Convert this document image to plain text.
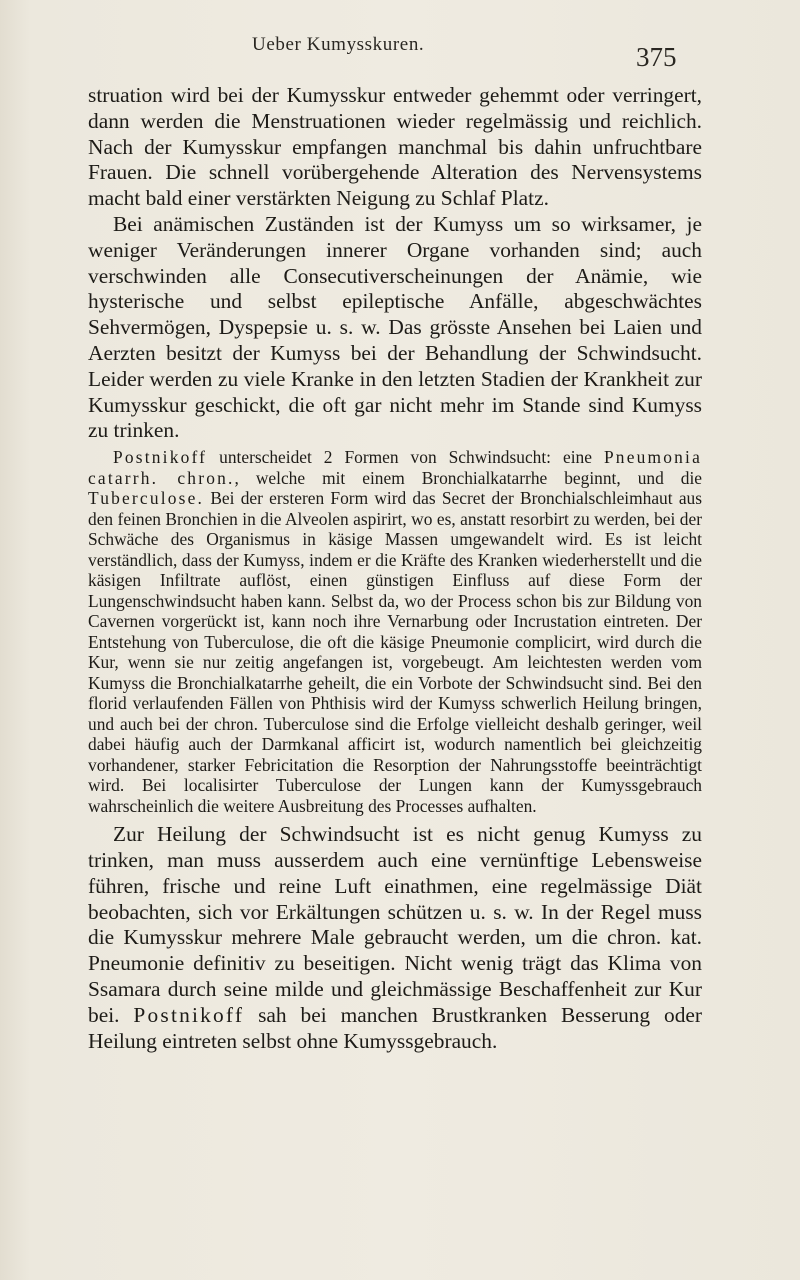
Ueber Kumysskuren.	375

struation wird bei der Kumysskur entweder gehemmt oder verringert, dann werden die Menstruationen wieder regelmässig und reichlich. Nach der Kumysskur empfangen manchmal bis dahin unfruchtbare Frauen. Die schnell vorübergehende Alteration des Nervensystems macht bald einer verstärkten Neigung zu Schlaf Platz.

Bei anämischen Zuständen ist der Kumyss um so wirksamer, je weniger Veränderungen innerer Organe vorhanden sind; auch verschwinden alle Consecutiverscheinungen der Anämie, wie hysterische und selbst epileptische Anfälle, abgeschwächtes Sehvermögen, Dyspepsie u. s. w. Das grösste Ansehen bei Laien und Aerzten besitzt der Kumyss bei der Behandlung der Schwindsucht. Leider werden zu viele Kranke in den letzten Stadien der Krankheit zur Kumysskur geschickt, die oft gar nicht mehr im Stande sind Kumyss zu trinken.

Postnikoff unterscheidet 2 Formen von Schwindsucht: eine Pneumonia catarrh. chron., welche mit einem Bronchialkatarrhe beginnt, und die Tuberculose. Bei der ersteren Form wird das Secret der Bronchialschleimhaut aus den feinen Bronchien in die Alveolen aspirirt, wo es, anstatt resorbirt zu werden, bei der Schwäche des Organismus in käsige Massen umgewandelt wird. Es ist leicht verständlich, dass der Kumyss, indem er die Kräfte des Kranken wiederherstellt und die käsigen Infiltrate auflöst, einen günstigen Einfluss auf diese Form der Lungenschwindsucht haben kann. Selbst da, wo der Process schon bis zur Bildung von Cavernen vorgerückt ist, kann noch ihre Vernarbung oder Incrustation eintreten. Der Entstehung von Tuberculose, die oft die käsige Pneumonie complicirt, wird durch die Kur, wenn sie nur zeitig angefangen ist, vorgebeugt. Am leichtesten werden vom Kumyss die Bronchialkatarrhe geheilt, die ein Vorbote der Schwindsucht sind. Bei den florid verlaufenden Fällen von Phthisis wird der Kumyss schwerlich Heilung bringen, und auch bei der chron. Tuberculose sind die Erfolge vielleicht deshalb geringer, weil dabei häufig auch der Darmkanal afficirt ist, wodurch namentlich bei gleichzeitig vorhandener, starker Febricitation die Resorption der Nahrungsstoffe beeinträchtigt wird. Bei localisirter Tuberculose der Lungen kann der Kumyssgebrauch wahrscheinlich die weitere Ausbreitung des Processes aufhalten.

Zur Heilung der Schwindsucht ist es nicht genug Kumyss zu trinken, man muss ausserdem auch eine vernünftige Lebensweise führen, frische und reine Luft einathmen, eine regelmässige Diät beobachten, sich vor Erkältungen schützen u. s. w. In der Regel muss die Kumysskur mehrere Male gebraucht werden, um die chron. kat. Pneumonie definitiv zu beseitigen. Nicht wenig trägt das Klima von Ssamara durch seine milde und gleichmässige Beschaffenheit zur Kur bei. Postnikoff sah bei manchen Brustkranken Besserung oder Heilung eintreten selbst ohne Kumyssgebrauch.
